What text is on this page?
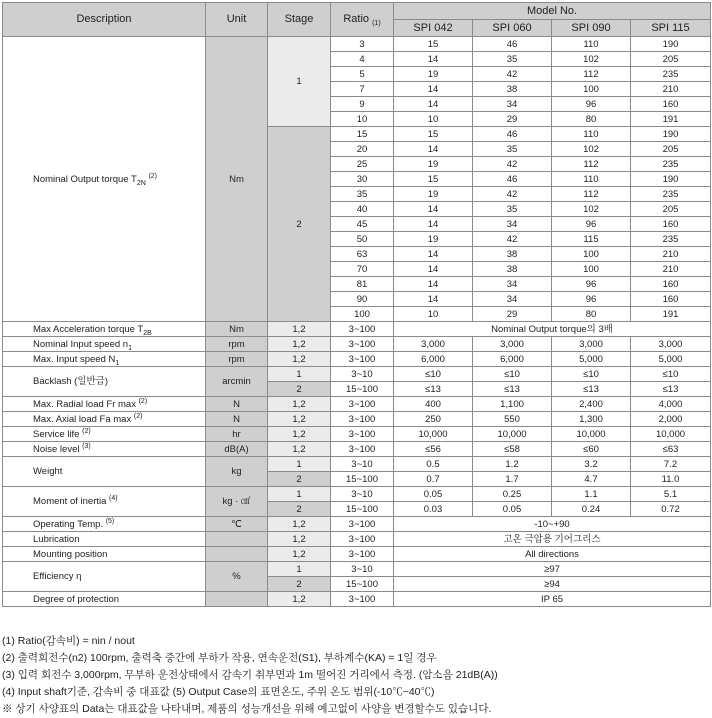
Description	Unit	Stage	Ratio $_{(1)}$	Model No.			
				SPI 042	SPI 060	SPI 090	SPI 115
Nominal Output torque $T_{2N}$ $^{(2)}$	Nm	1	3	15	46	110	190
			4	14	35	102	205
			5	19	42	112	235
			7	14	38	100	210
			9	14	34	96	160
			10	10	29	80	191
		2	15	15	46	110	190
			20	14	35	102	205
			25	19	42	112	235
			30	15	46	110	190
			35	19	42	112	235
			40	14	35	102	205
			45	14	34	96	160
			50	19	42	115	235
			63	14	38	100	210
			70	14	38	100	210
			81	14	34	96	160
			90	14	34	96	160
			100	10	29	80	191
Max Acceleration torque $T_{2B}$	Nm	1,2	3~100	Nominal Output torque의 3배			
Nominal Input speed $n_1$	rpm	1,2	3~100	3,000	3,000	3,000	3,000
Max. Input speed $N_1$	rpm	1,2	3~100	6,000	6,000	5,000	5,000
Backlash (일반급)	arcmin	1	3~10	≤10	≤10	≤10	≤10
		2	15~100	≤13	≤13	≤13	≤13
Max. Radial load Fr max $^{(2)}$	N	1,2	3~100	400	1,100	2,400	4,000
Max. Axial load Fa max $^{(2)}$	N	1,2	3~100	250	550	1,300	2,000
Service life $^{(2)}$	hr	1,2	3~100	10,000	10,000	10,000	10,000
Noise level $^{(3)}$	dB(A)	1,2	3~100	≤56	≤58	≤60	≤63
Weight	kg	1	3~10	0.5	1.2	3.2	7.2
		2	15~100	0.7	1.7	4.7	11.0
Moment of inertia $^{(4)}$	kg · ㎠	1	3~10	0.05	0.25	1.1	5.1
		2	15~100	0.03	0.05	0.24	0.72
Operating Temp. $^{(5)}$	℃	1,2	3~100	-10~+90			
Lubrication		1,2	3~100	고온 극압용 기어그리스			
Mounting position		1,2	3~100	All directions			
Efficiency η	%	1	3~10	≥97			
		2	15~100	≥94			
Degree of protection		1,2	3~100	IP 65			
(1) Ratio(감속비) = nin / nout
(2) 출력회전수(n2) 100rpm, 출력축 중간에 부하가 작용, 연속운전(S1), 부하계수(KA) = 1일 경우
(3) 입력 회전수 3,000rpm, 무부하 운전상태에서 감속기 취부면과 1m 떨어진 거리에서 측정. (암소음 21dB(A))
(4) Input shaft기준, 감속비 중 대표값 (5) Output Case의 표면온도, 주위 온도 범위(-10℃~40℃)
※ 상기 사양표의 Data는 대표값을 나타내며, 제품의 성능개선을 위해 예고없이 사양을 변경할수도 있습니다.
